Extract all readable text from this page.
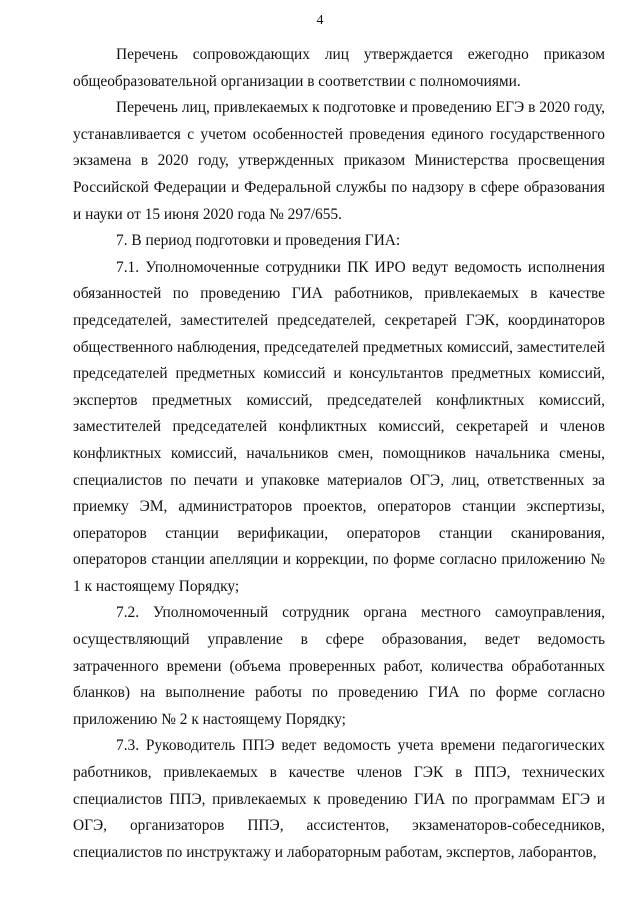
4

Перечень сопровождающих лиц утверждается ежегодно приказом общеобразовательной организации в соответствии с полномочиями.

Перечень лиц, привлекаемых к подготовке и проведению ЕГЭ в 2020 году, устанавливается с учетом особенностей проведения единого государственного экзамена в 2020 году, утвержденных приказом Министерства просвещения Российской Федерации и Федеральной службы по надзору в сфере образования и науки от 15 июня 2020 года № 297/655.

7. В период подготовки и проведения ГИА:

7.1. Уполномоченные сотрудники ПК ИРО ведут ведомость исполнения обязанностей по проведению ГИА работников, привлекаемых в качестве председателей, заместителей председателей, секретарей ГЭК, координаторов общественного наблюдения, председателей предметных комиссий, заместителей председателей предметных комиссий и консультантов предметных комиссий, экспертов предметных комиссий, председателей конфликтных комиссий, заместителей председателей конфликтных комиссий, секретарей и членов конфликтных комиссий, начальников смен, помощников начальника смены, специалистов по печати и упаковке материалов ОГЭ, лиц, ответственных за приемку ЭМ, администраторов проектов, операторов станции экспертизы, операторов станции верификации, операторов станции сканирования, операторов станции апелляции и коррекции, по форме согласно приложению № 1 к настоящему Порядку;

7.2. Уполномоченный сотрудник органа местного самоуправления, осуществляющий управление в сфере образования, ведет ведомость затраченного времени (объема проверенных работ, количества обработанных бланков) на выполнение работы по проведению ГИА по форме согласно приложению № 2 к настоящему Порядку;

7.3. Руководитель ППЭ ведет ведомость учета времени педагогических работников, привлекаемых в качестве членов ГЭК в ППЭ, технических специалистов ППЭ, привлекаемых к проведению ГИА по программам ЕГЭ и ОГЭ, организаторов ППЭ, ассистентов, экзаменаторов-собеседников, специалистов по инструктажу и лабораторным работам, экспертов, лаборантов,
